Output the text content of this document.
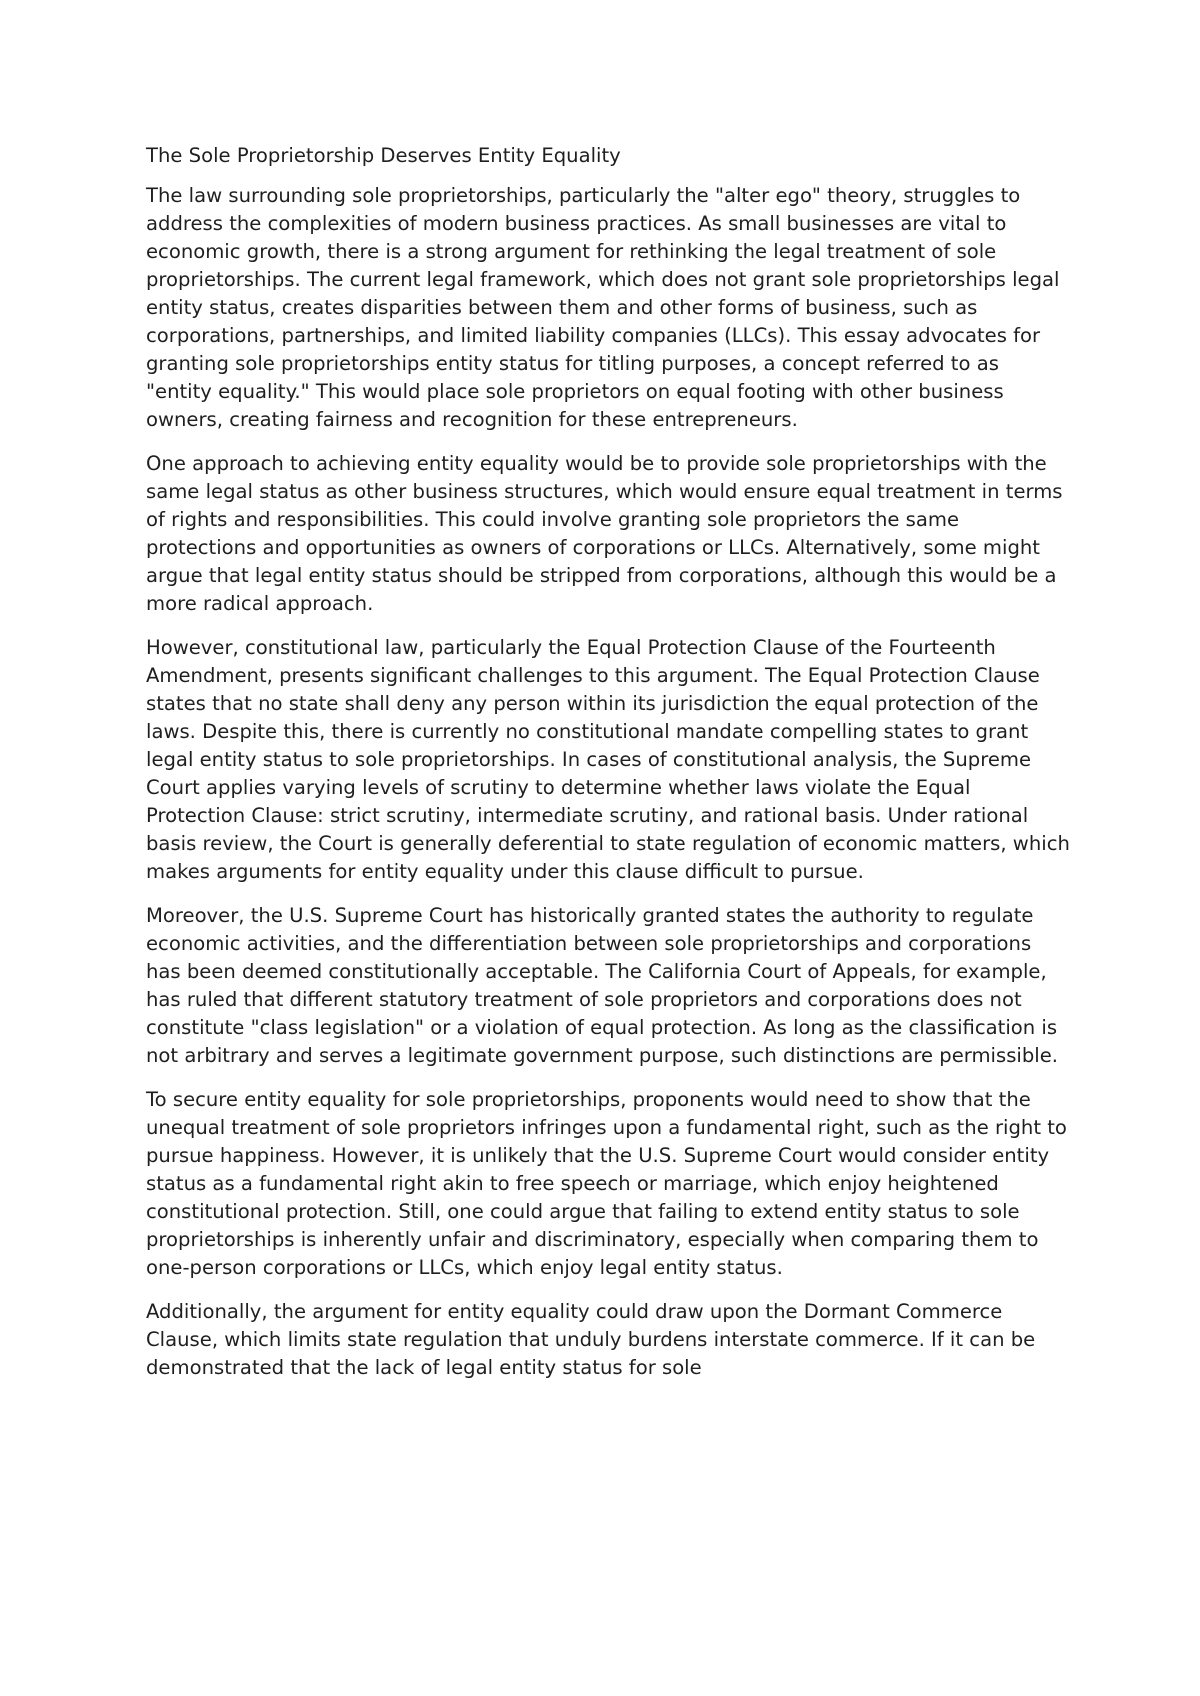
The Sole Proprietorship Deserves Entity Equality

The law surrounding sole proprietorships, particularly the "alter ego" theory, struggles to address the complexities of modern business practices. As small businesses are vital to economic growth, there is a strong argument for rethinking the legal treatment of sole proprietorships. The current legal framework, which does not grant sole proprietorships legal entity status, creates disparities between them and other forms of business, such as corporations, partnerships, and limited liability companies (LLCs). This essay advocates for granting sole proprietorships entity status for titling purposes, a concept referred to as "entity equality." This would place sole proprietors on equal footing with other business owners, creating fairness and recognition for these entrepreneurs.

One approach to achieving entity equality would be to provide sole proprietorships with the same legal status as other business structures, which would ensure equal treatment in terms of rights and responsibilities. This could involve granting sole proprietors the same protections and opportunities as owners of corporations or LLCs. Alternatively, some might argue that legal entity status should be stripped from corporations, although this would be a more radical approach.

However, constitutional law, particularly the Equal Protection Clause of the Fourteenth Amendment, presents significant challenges to this argument. The Equal Protection Clause states that no state shall deny any person within its jurisdiction the equal protection of the laws. Despite this, there is currently no constitutional mandate compelling states to grant legal entity status to sole proprietorships. In cases of constitutional analysis, the Supreme Court applies varying levels of scrutiny to determine whether laws violate the Equal Protection Clause: strict scrutiny, intermediate scrutiny, and rational basis. Under rational basis review, the Court is generally deferential to state regulation of economic matters, which makes arguments for entity equality under this clause difficult to pursue.

Moreover, the U.S. Supreme Court has historically granted states the authority to regulate economic activities, and the differentiation between sole proprietorships and corporations has been deemed constitutionally acceptable. The California Court of Appeals, for example, has ruled that different statutory treatment of sole proprietors and corporations does not constitute "class legislation" or a violation of equal protection. As long as the classification is not arbitrary and serves a legitimate government purpose, such distinctions are permissible.

To secure entity equality for sole proprietorships, proponents would need to show that the unequal treatment of sole proprietors infringes upon a fundamental right, such as the right to pursue happiness. However, it is unlikely that the U.S. Supreme Court would consider entity status as a fundamental right akin to free speech or marriage, which enjoy heightened constitutional protection. Still, one could argue that failing to extend entity status to sole proprietorships is inherently unfair and discriminatory, especially when comparing them to one-person corporations or LLCs, which enjoy legal entity status.

Additionally, the argument for entity equality could draw upon the Dormant Commerce Clause, which limits state regulation that unduly burdens interstate commerce. If it can be demonstrated that the lack of legal entity status for sole
